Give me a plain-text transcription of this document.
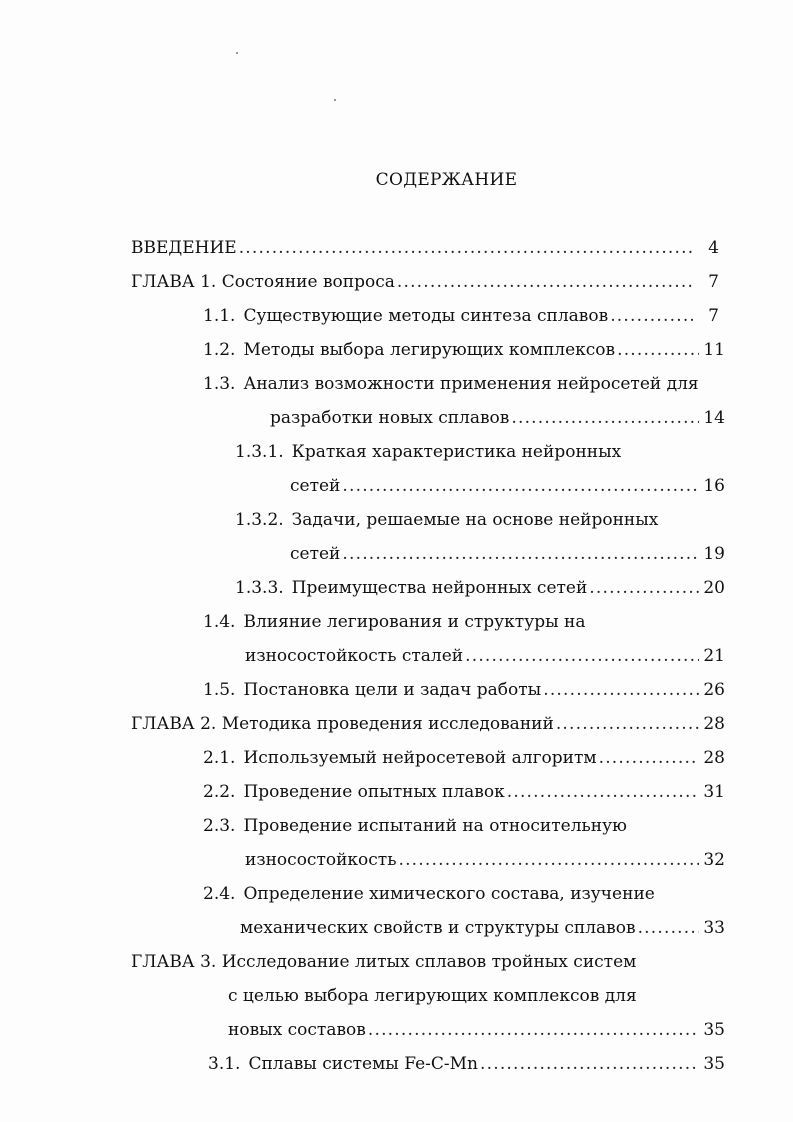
СОДЕРЖАНИЕ
ВВЕДЕНИЕ .....	4
ГЛАВА 1. Состояние вопроса .....	7
1.1. Существующие методы синтеза сплавов .....	7
1.2. Методы выбора легирующих комплексов .....	11
1.3. Анализ возможности применения нейросетей для
разработки новых сплавов .....	14
1.3.1. Краткая характеристика нейронных
сетей .....	16
1.3.2. Задачи, решаемые на основе нейронных
сетей .....	19
1.3.3. Преимущества нейронных сетей .....	20
1.4. Влияние легирования и структуры на
износостойкость сталей .....	21
1.5. Постановка цели и задач работы .....	26
ГЛАВА 2. Методика проведения исследований .....	28
2.1. Используемый нейросетевой алгоритм .....	28
2.2. Проведение опытных плавок .....	31
2.3. Проведение испытаний на относительную
износостойкость .....	32
2.4. Определение химического состава, изучение
механических свойств и структуры сплавов .....	33
ГЛАВА 3. Исследование литых сплавов тройных систем
с целью выбора легирующих комплексов для
новых составов .....	35
3.1. Сплавы системы Fe-C-Mn .....	35
